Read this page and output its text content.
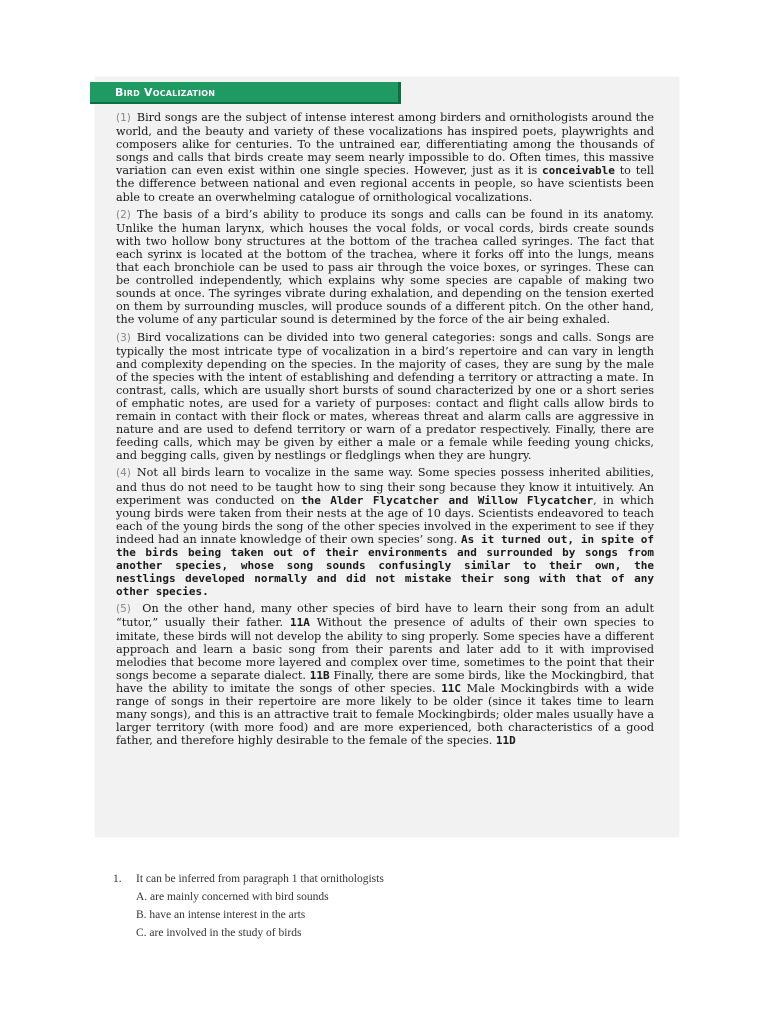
Bird Vocalization

(1) Bird songs are the subject of intense interest among birders and ornithologists around the world, and the beauty and variety of these vocalizations has inspired poets, playwrights and composers alike for centuries. To the untrained ear, differentiating among the thousands of songs and calls that birds create may seem nearly impossible to do. Often times, this massive variation can even exist within one single species. However, just as it is conceivable to tell the difference between national and even regional accents in people, so have scientists been able to create an overwhelming catalogue of ornithological vocalizations.

(2) The basis of a bird’s ability to produce its songs and calls can be found in its anatomy. Unlike the human larynx, which houses the vocal folds, or vocal cords, birds create sounds with two hollow bony structures at the bottom of the trachea called syringes. The fact that each syrinx is located at the bottom of the trachea, where it forks off into the lungs, means that each bronchiole can be used to pass air through the voice boxes, or syringes. These can be controlled independently, which explains why some species are capable of making two sounds at once. The syringes vibrate during exhalation, and depending on the tension exerted on them by surrounding muscles, will produce sounds of a different pitch. On the other hand, the volume of any particular sound is determined by the force of the air being exhaled.

(3) Bird vocalizations can be divided into two general categories: songs and calls. Songs are typically the most intricate type of vocalization in a bird’s repertoire and can vary in length and complexity depending on the species. In the majority of cases, they are sung by the male of the species with the intent of establishing and defending a territory or attracting a mate. In contrast, calls, which are usually short bursts of sound characterized by one or a short series of emphatic notes, are used for a variety of purposes: contact and flight calls allow birds to remain in contact with their flock or mates, whereas threat and alarm calls are aggressive in nature and are used to defend territory or warn of a predator respectively. Finally, there are feeding calls, which may be given by either a male or a female while feeding young chicks, and begging calls, given by nestlings or fledglings when they are hungry.

(4) Not all birds learn to vocalize in the same way. Some species possess inherited abilities, and thus do not need to be taught how to sing their song because they know it intuitively. An experiment was conducted on the Alder Flycatcher and Willow Flycatcher, in which young birds were taken from their nests at the age of 10 days. Scientists endeavored to teach each of the young birds the song of the other species involved in the experiment to see if they indeed had an innate knowledge of their own species’ song. As it turned out, in spite of the birds being taken out of their environments and surrounded by songs from another species, whose song sounds confusingly similar to their own, the nestlings developed normally and did not mistake their song with that of any other species.

(5) On the other hand, many other species of bird have to learn their song from an adult “tutor,” usually their father. 11A Without the presence of adults of their own species to imitate, these birds will not develop the ability to sing properly. Some species have a different approach and learn a basic song from their parents and later add to it with improvised melodies that become more layered and complex over time, sometimes to the point that their songs become a separate dialect. 11B Finally, there are some birds, like the Mockingbird, that have the ability to imitate the songs of other species. 11C Male Mockingbirds with a wide range of songs in their repertoire are more likely to be older (since it takes time to learn many songs), and this is an attractive trait to female Mockingbirds; older males usually have a larger territory (with more food) and are more experienced, both characteristics of a good father, and therefore highly desirable to the female of the species. 11D

1. It can be inferred from paragraph 1 that ornithologists

A. are mainly concerned with bird sounds

B. have an intense interest in the arts

C. are involved in the study of birds
